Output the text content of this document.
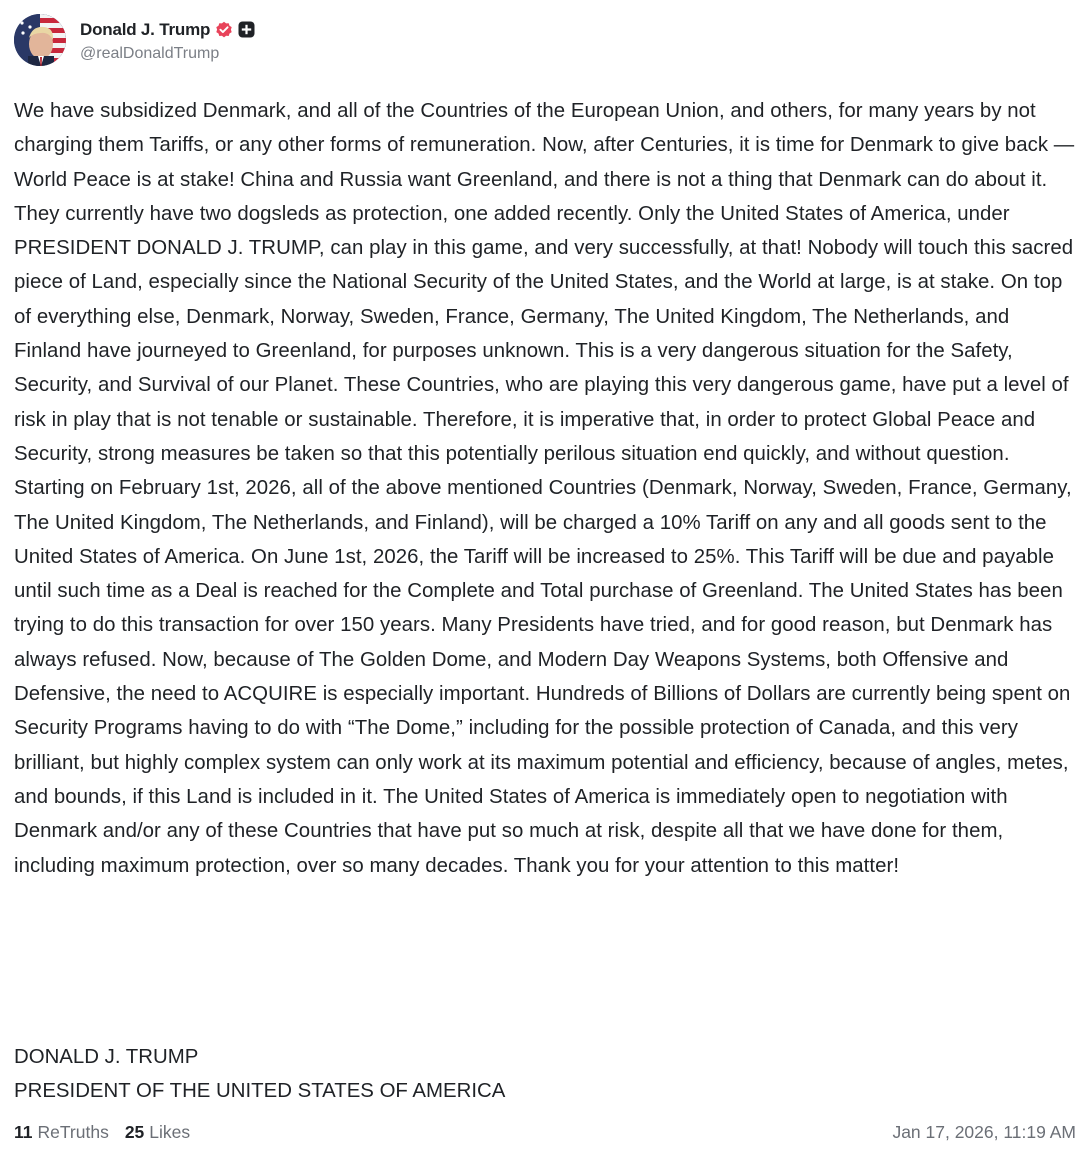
Donald J. Trump
@realDonaldTrump
We have subsidized Denmark, and all of the Countries of the European Union, and others, for many years by not charging them Tariffs, or any other forms of remuneration. Now, after Centuries, it is time for Denmark to give back — World Peace is at stake! China and Russia want Greenland, and there is not a thing that Denmark can do about it. They currently have two dogsleds as protection, one added recently. Only the United States of America, under PRESIDENT DONALD J. TRUMP, can play in this game, and very successfully, at that! Nobody will touch this sacred piece of Land, especially since the National Security of the United States, and the World at large, is at stake. On top of everything else, Denmark, Norway, Sweden, France, Germany, The United Kingdom, The Netherlands, and Finland have journeyed to Greenland, for purposes unknown. This is a very dangerous situation for the Safety, Security, and Survival of our Planet. These Countries, who are playing this very dangerous game, have put a level of risk in play that is not tenable or sustainable. Therefore, it is imperative that, in order to protect Global Peace and Security, strong measures be taken so that this potentially perilous situation end quickly, and without question. Starting on February 1st, 2026, all of the above mentioned Countries (Denmark, Norway, Sweden, France, Germany, The United Kingdom, The Netherlands, and Finland), will be charged a 10% Tariff on any and all goods sent to the United States of America. On June 1st, 2026, the Tariff will be increased to 25%. This Tariff will be due and payable until such time as a Deal is reached for the Complete and Total purchase of Greenland. The United States has been trying to do this transaction for over 150 years. Many Presidents have tried, and for good reason, but Denmark has always refused. Now, because of The Golden Dome, and Modern Day Weapons Systems, both Offensive and Defensive, the need to ACQUIRE is especially important. Hundreds of Billions of Dollars are currently being spent on Security Programs having to do with “The Dome,” including for the possible protection of Canada, and this very brilliant, but highly complex system can only work at its maximum potential and efficiency, because of angles, metes, and bounds, if this Land is included in it. The United States of America is immediately open to negotiation with Denmark and/or any of these Countries that have put so much at risk, despite all that we have done for them, including maximum protection, over so many decades. Thank you for your attention to this matter!
DONALD J. TRUMP
PRESIDENT OF THE UNITED STATES OF AMERICA
11 ReTruths 25 Likes	Jan 17, 2026, 11:19 AM
